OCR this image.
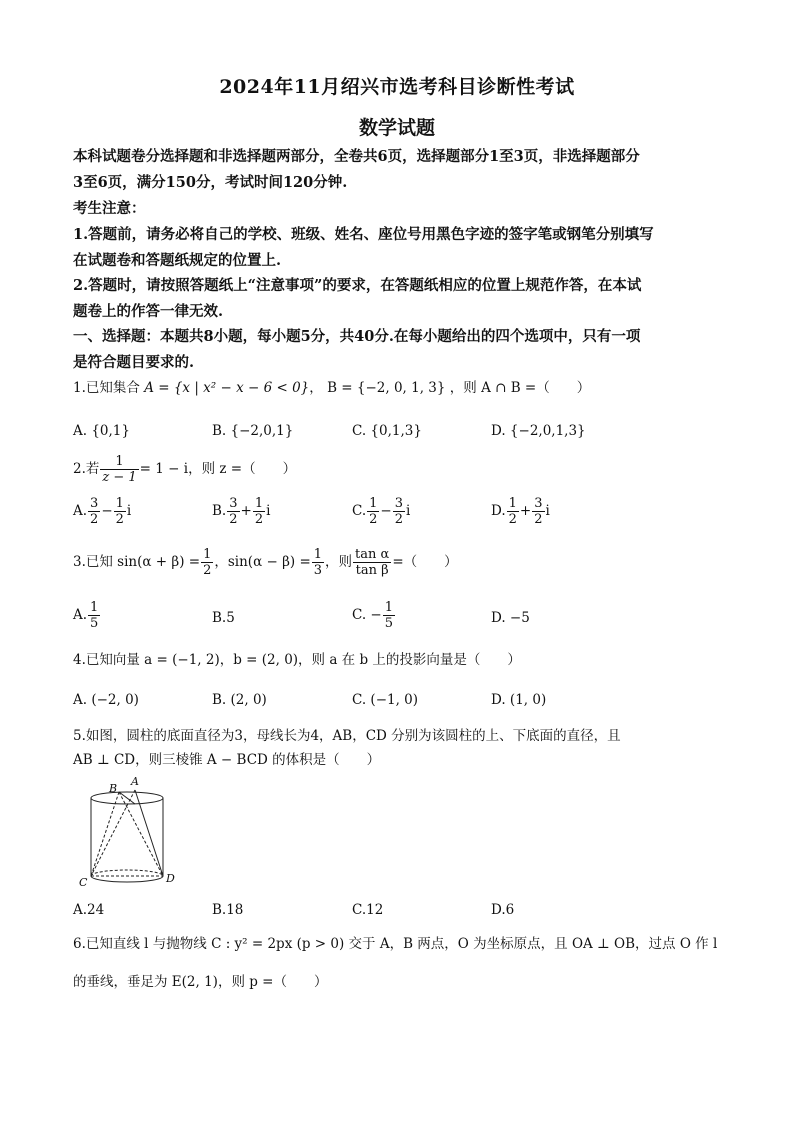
2024年11月绍兴市选考科目诊断性考试
数学试题
本科试题卷分选择题和非选择题两部分，全卷共6页，选择题部分1至3页，非选择题部分
3至6页，满分150分，考试时间120分钟.
考生注意：
1.答题前，请务必将自己的学校、班级、姓名、座位号用黑色字迹的签字笔或钢笔分别填写
在试题卷和答题纸规定的位置上.
2.答题时，请按照答题纸上“注意事项”的要求，在答题纸相应的位置上规范作答，在本试
题卷上的作答一律无效.
一、选择题：本题共8小题，每小题5分，共40分.在每小题给出的四个选项中，只有一项
是符合题目要求的.
1.已知集合 A = {x | x² − x − 6 < 0}， B = {−2, 0, 1, 3} ，则 A ∩ B =（　　）
A. {0,1}	B. {−2,0,1}	C. {0,1,3}	D. {−2,0,1,3}
2.若 $\frac{1}{z - 1} = 1 - i$，则 z =（　　）
A. $\frac{3}{2} - \frac{1}{2}$ i	B. $\frac{3}{2} + \frac{1}{2}$ i	C. $\frac{1}{2} - \frac{3}{2}$ i	D. $\frac{1}{2} + \frac{3}{2}$ i
3.已知 $\sin(\alpha + \beta) = \frac{1}{2}$ ，$\sin(\alpha - \beta) = \frac{1}{3}$ ，则 $\frac{\text{tan α}}{\text{tan β}}$ =（　　）
A. $\frac{1}{5}$	B.5	C. − $\frac{1}{5}$	D. −5
4.已知向量 a = (−1, 2)，b = (2, 0)，则 a 在 b 上的投影向量是（　　）
A. (−2, 0)	B. (2, 0)	C. (−1, 0)	D. (1, 0)
5.如图，圆柱的底面直径为3，母线长为4，AB，CD 分别为该圆柱的上、下底面的直径，且
AB ⊥ CD，则三棱锥 A − BCD 的体积是（　　）
A
B
C	D
A.24	B.18	C.12	D.6
6.已知直线 l 与抛物线 C : y² = 2px (p > 0) 交于 A，B 两点，O 为坐标原点，且 OA ⊥ OB，过点 O 作 l
的垂线，垂足为 E(2, 1)，则 p =（　　）
